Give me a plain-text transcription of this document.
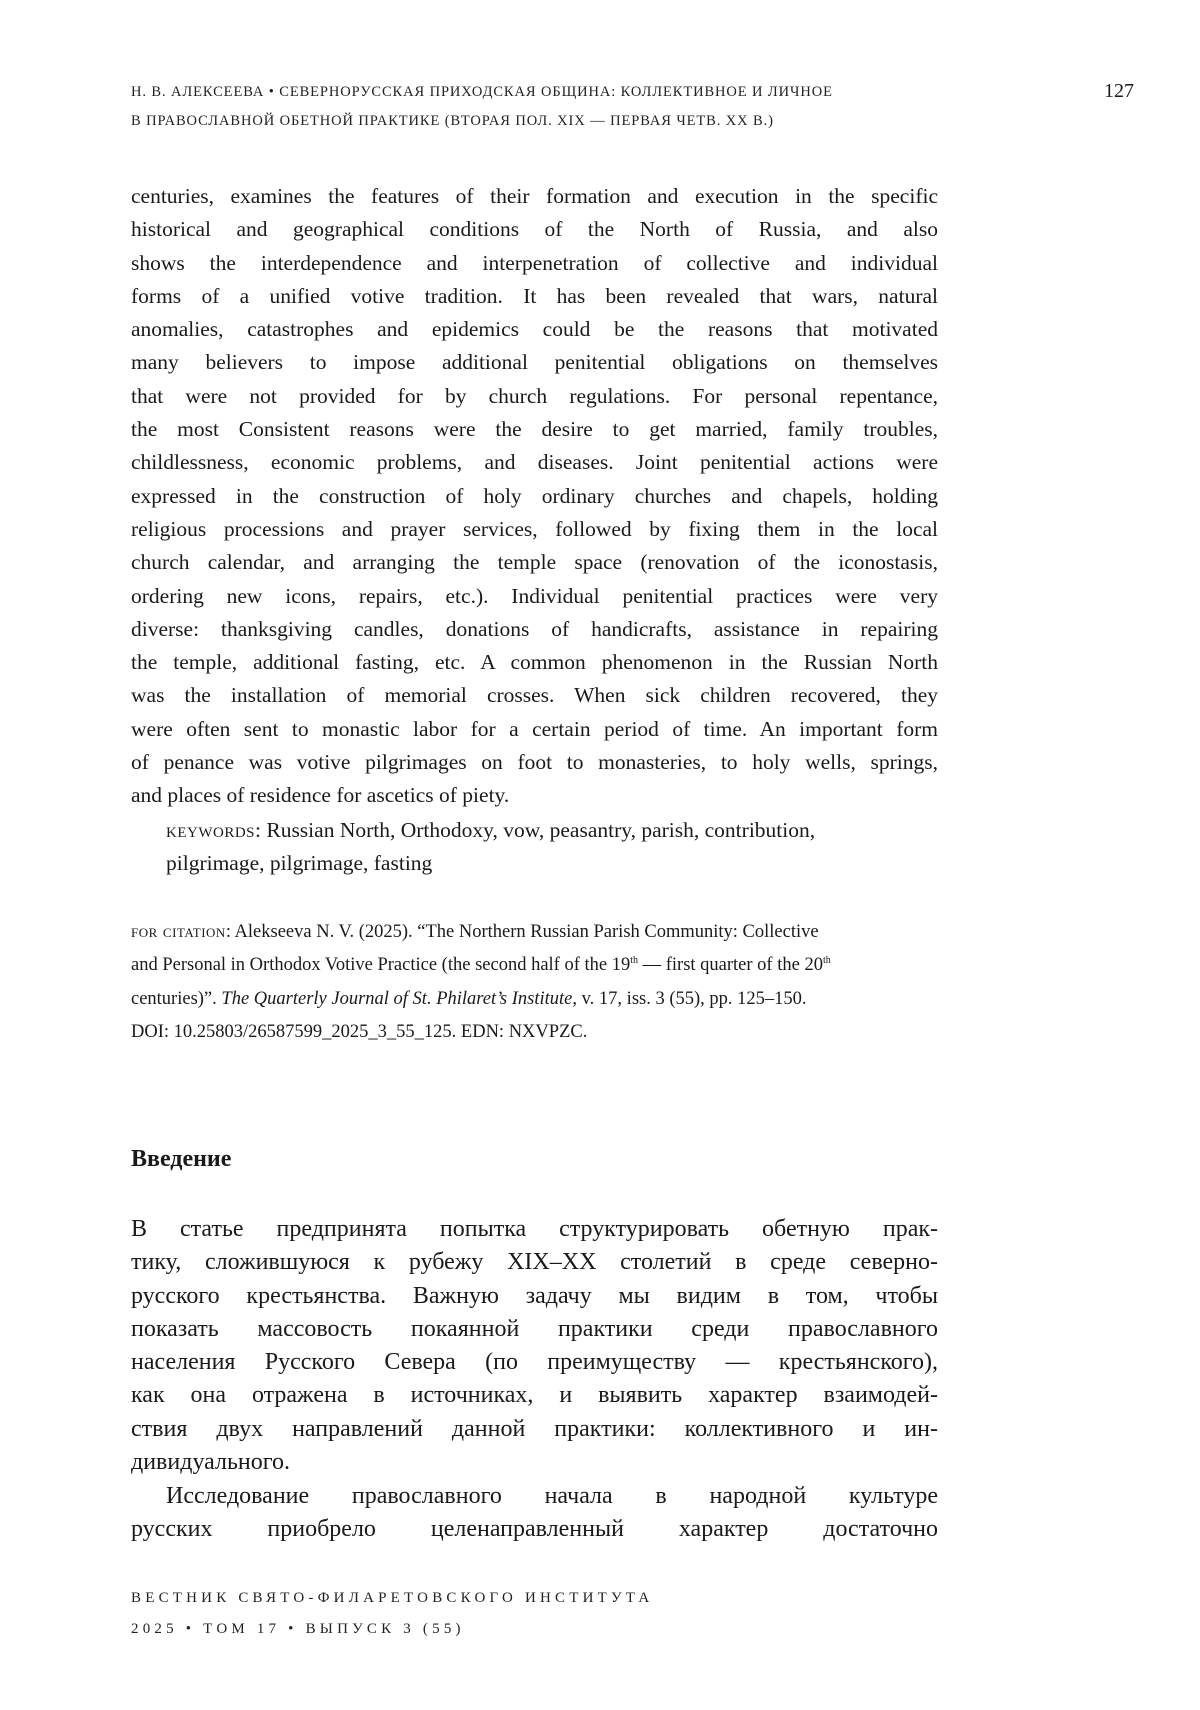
Н. В. АЛЕКСЕЕВА • СЕВЕРНОРУССКАЯ ПРИХОДСКАЯ ОБЩИНА: КОЛЛЕКТИВНОЕ И ЛИЧНОЕ
В ПРАВОСЛАВНОЙ ОБЕТНОЙ ПРАКТИКЕ (ВТОРАЯ ПОЛ. XIX — ПЕРВАЯ ЧЕТВ. XX В.)
127
centuries, examines the features of their formation and execution in the specific
historical and geographical conditions of the North of Russia, and also
shows the interdependence and interpenetration of collective and individual
forms of a unified votive tradition. It has been revealed that wars, natural
anomalies, catastrophes and epidemics could be the reasons that motivated
many believers to impose additional penitential obligations on themselves
that were not provided for by church regulations. For personal repentance,
the most Consistent reasons were the desire to get married, family troubles,
childlessness, economic problems, and diseases. Joint penitential actions were
expressed in the construction of holy ordinary churches and chapels, holding
religious processions and prayer services, followed by fixing them in the local
church calendar, and arranging the temple space (renovation of the iconostasis,
ordering new icons, repairs, etc.). Individual penitential practices were very
diverse: thanksgiving candles, donations of handicrafts, assistance in repairing
the temple, additional fasting, etc. A common phenomenon in the Russian North
was the installation of memorial crosses. When sick children recovered, they
were often sent to monastic labor for a certain period of time. An important form
of penance was votive pilgrimages on foot to monasteries, to holy wells, springs,
and places of residence for ascetics of piety.
keywords: Russian North, Orthodoxy, vow, peasantry, parish, contribution,
pilgrimage, pilgrimage, fasting
for citation: Alekseeva N. V. (2025). “The Northern Russian Parish Community: Collective
and Personal in Orthodox Votive Practice (the second half of the 19th — first quarter of the 20th
centuries)”. The Quarterly Journal of St. Philaret’s Institute, v. 17, iss. 3 (55), pp. 125–150.
DOI: 10.25803/26587599_2025_3_55_125. EDN: NXVPZC.
Введение
В статье предпринята попытка структурировать обетную прак-
тику, сложившуюся к рубежу XIX–XX столетий в среде северно-
русского крестьянства. Важную задачу мы видим в том, чтобы
показать массовость покаянной практики среди православного
населения Русского Севера (по преимуществу — крестьянского),
как она отражена в источниках, и выявить характер взаимодей-
ствия двух направлений данной практики: коллективного и ин-
дивидуального.
Исследование православного начала в народной культуре
русских приобрело целенаправленный характер достаточно
ВЕСТНИК СВЯТО-ФИЛАРЕТОВСКОГО ИНСТИТУТА
2025 • ТОМ 17 • ВЫПУСК 3 (55)
